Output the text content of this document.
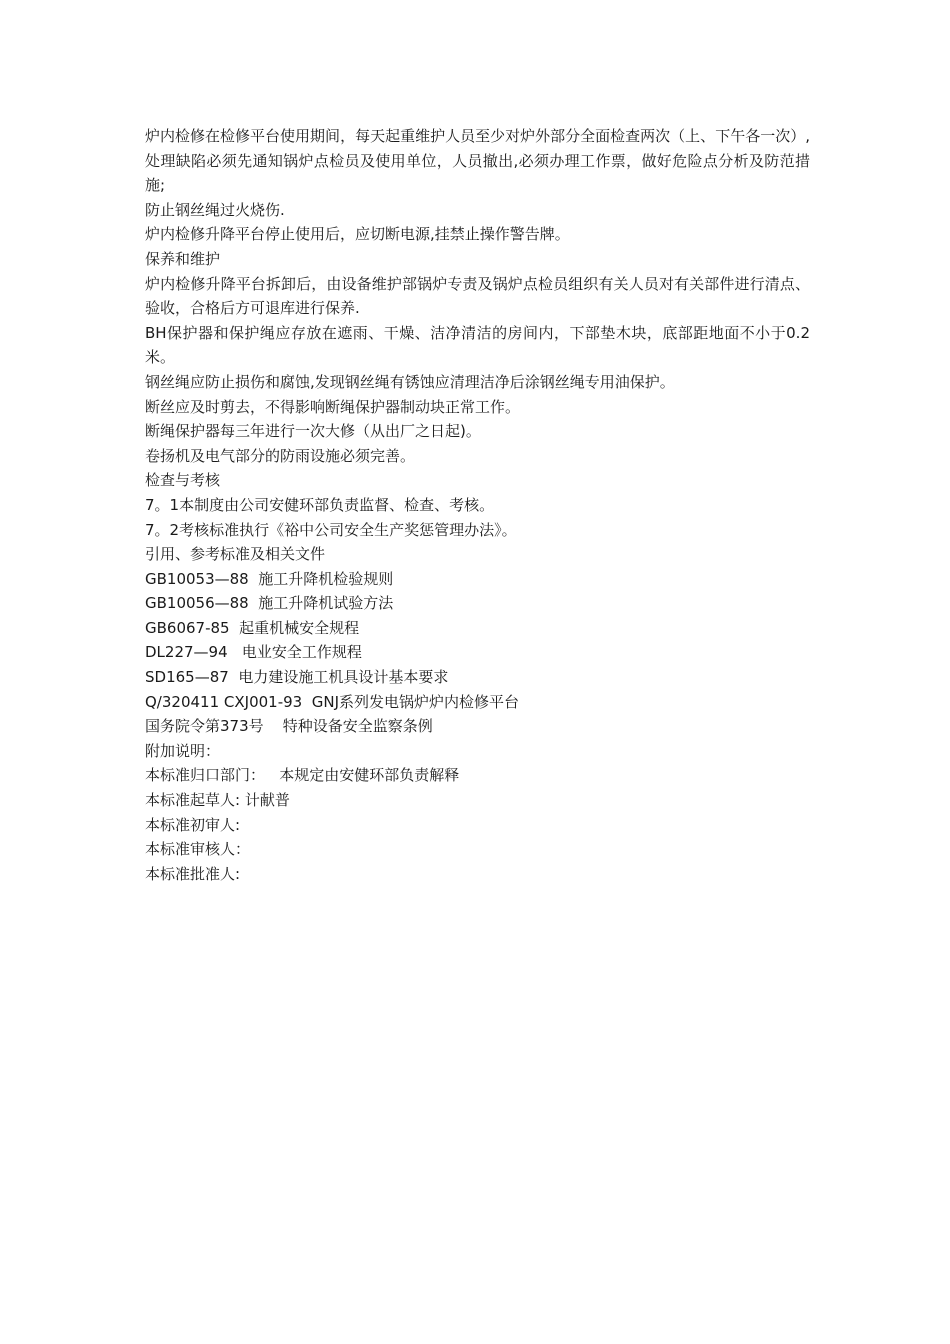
炉内检修在检修平台使用期间，每天起重维护人员至少对炉外部分全面检查两次（上、下午各一次）,处理缺陷必须先通知锅炉点检员及使用单位，人员撤出,必须办理工作票，做好危险点分析及防范措施;

防止钢丝绳过火烧伤.

炉内检修升降平台停止使用后，应切断电源,挂禁止操作警告牌。

保养和维护

炉内检修升降平台拆卸后，由设备维护部锅炉专责及锅炉点检员组织有关人员对有关部件进行清点、验收，合格后方可退库进行保养.

BH保护器和保护绳应存放在遮雨、干燥、洁净清洁的房间内，下部垫木块，底部距地面不小于0.2米。

钢丝绳应防止损伤和腐蚀,发现钢丝绳有锈蚀应清理洁净后涂钢丝绳专用油保护。

断丝应及时剪去，不得影响断绳保护器制动块正常工作。

断绳保护器每三年进行一次大修（从出厂之日起)。

卷扬机及电气部分的防雨设施必须完善。

检查与考核

7。1本制度由公司安健环部负责监督、检查、考核。

7。2考核标准执行《裕中公司安全生产奖惩管理办法》。

引用、参考标准及相关文件

GB10053—88  施工升降机检验规则

GB10056—88  施工升降机试验方法

GB6067-85  起重机械安全规程

DL227—94   电业安全工作规程

SD165—87  电力建设施工机具设计基本要求

Q/320411 CXJ001-93  GNJ系列发电锅炉炉内检修平台

国务院令第373号    特种设备安全监察条例

附加说明：

本标准归口部门：   本规定由安健环部负责解释

本标准起草人: 计献普

本标准初审人:

本标准审核人：

本标准批准人:
